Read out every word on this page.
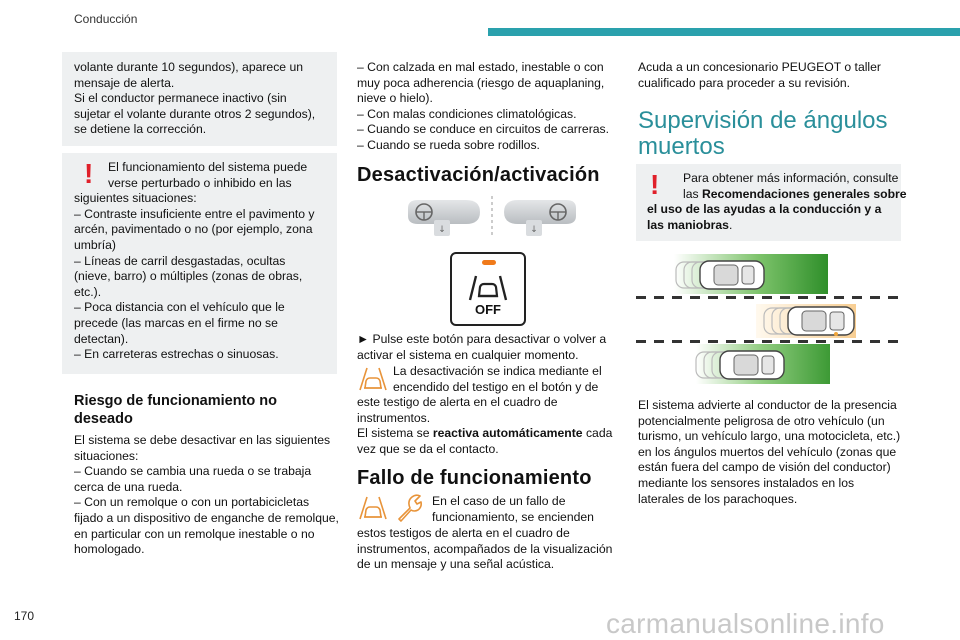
Conducción
volante durante 10 segundos), aparece un
mensaje de alerta.
Si el conductor permanece inactivo (sin
sujetar el volante durante otros 2 segundos),
se detiene la corrección.
!	El funcionamiento del sistema puede
verse perturbado o inhibido en las
siguientes situaciones:
– Contraste insuficiente entre el pavimento y
arcén, pavimentado o no (por ejemplo, zona
umbría)
– Líneas de carril desgastadas, ocultas
(nieve, barro) o múltiples (zonas de obras,
etc.).
– Poca distancia con el vehículo que le
precede (las marcas en el firme no se
detectan).
– En carreteras estrechas o sinuosas.
Riesgo de funcionamiento no
deseado
El sistema se debe desactivar en las siguientes
situaciones:
– Cuando se cambia una rueda o se trabaja
cerca de una rueda.
– Con un remolque o con un portabicicletas
fijado a un dispositivo de enganche de remolque,
en particular con un remolque inestable o no
homologado.
– Con calzada en mal estado, inestable o con
muy poca adherencia (riesgo de aquaplaning,
nieve o hielo).
– Con malas condiciones climatológicas.
– Cuando se conduce en circuitos de carreras.
– Cuando se rueda sobre rodillos.
Desactivación/activación
↓	↓
OFF
► Pulse este botón para desactivar o volver a
activar el sistema en cualquier momento.
La desactivación se indica mediante el
encendido del testigo en el botón y de
este testigo de alerta en el cuadro de
instrumentos.
El sistema se reactiva automáticamente cada
vez que se da el contacto.
Fallo de funcionamiento
En el caso de un fallo de
funcionamiento, se encienden
estos testigos de alerta en el cuadro de
instrumentos, acompañados de la visualización
de un mensaje y una señal acústica.
Acuda a un concesionario PEUGEOT o taller
cualificado para proceder a su revisión.
Supervisión de ángulos
muertos
!	Para obtener más información, consulte
las Recomendaciones generales sobre
el uso de las ayudas a la conducción y a
las maniobras.
El sistema advierte al conductor de la presencia
potencialmente peligrosa de otro vehículo (un
turismo, un vehículo largo, una motocicleta, etc.)
en los ángulos muertos del vehículo (zonas que
están fuera del campo de visión del conductor)
mediante los sensores instalados en los
laterales de los parachoques.
170	carmanualsonline.info
